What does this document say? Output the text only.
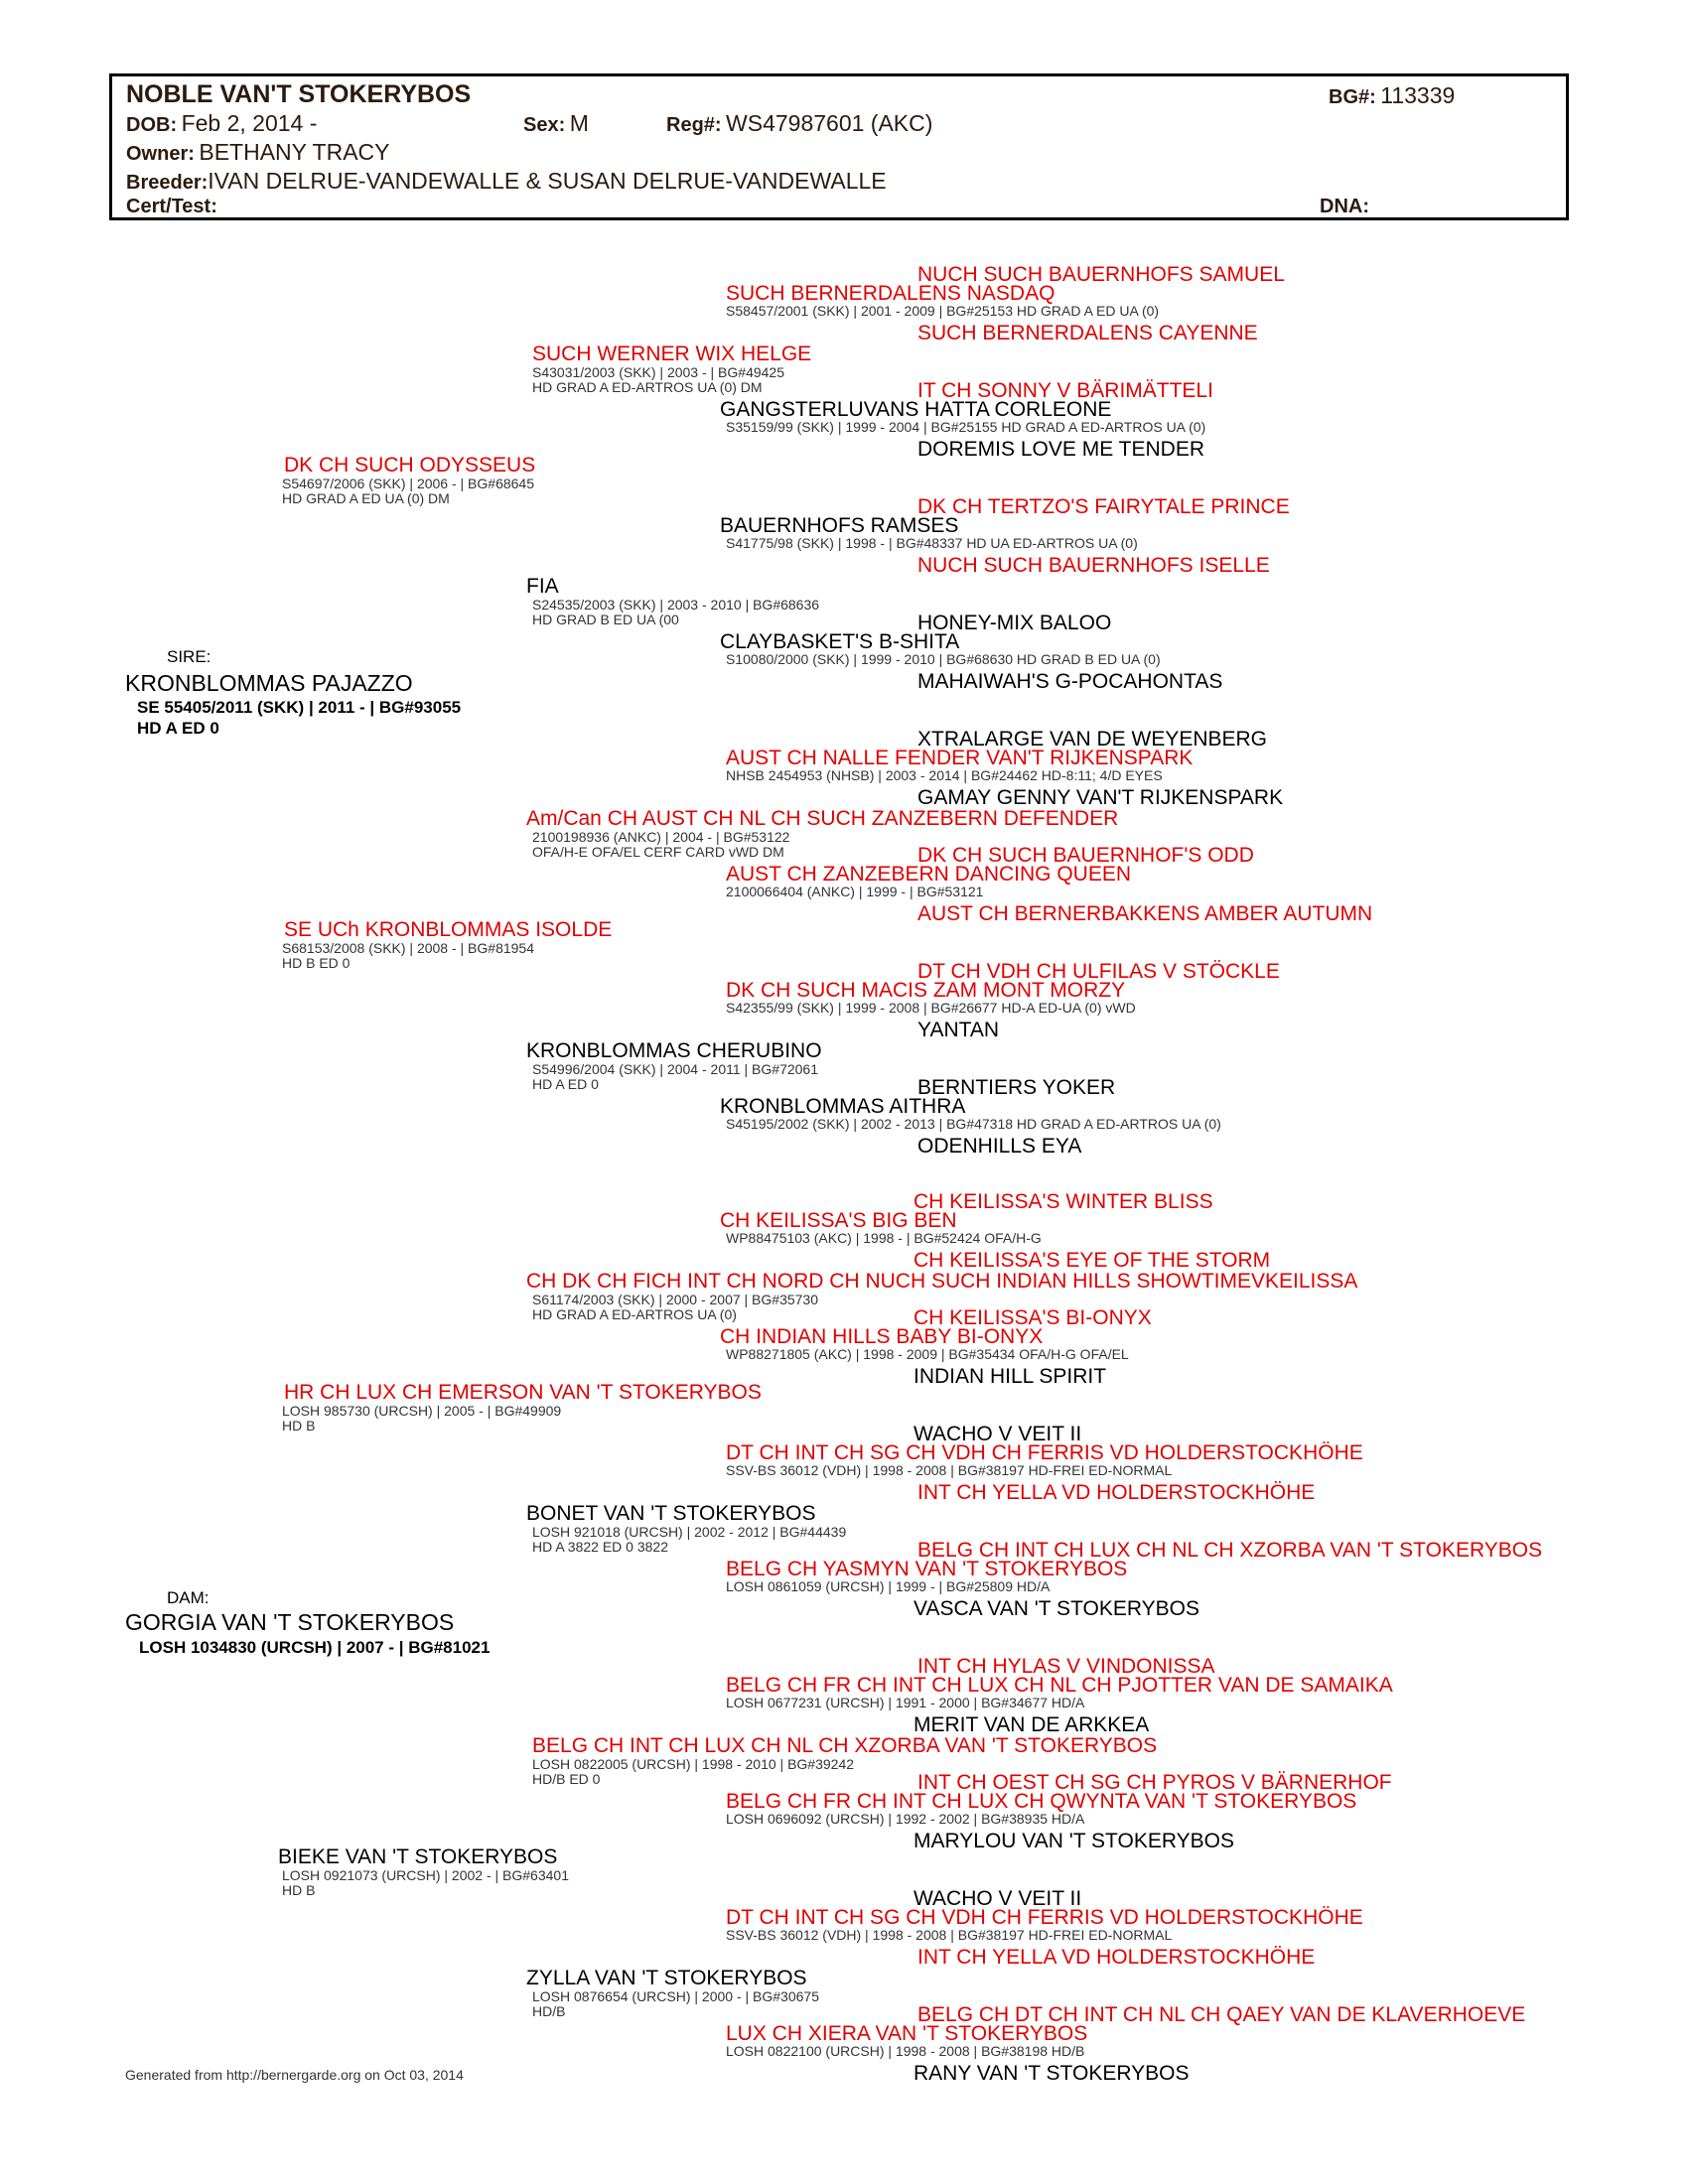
NOBLE VAN'T STOKERYBOS	BG#: 113339
DOB: Feb 2, 2014 -	Sex: M	Reg#: WS47987601 (AKC)
Owner: BETHANY TRACY
Breeder:IVAN DELRUE-VANDEWALLE & SUSAN DELRUE-VANDEWALLE
Cert/Test:	DNA:
NUCH SUCH BAUERNHOFS SAMUEL
SUCH BERNERDALENS CAYENNE
IT CH SONNY V BÄRIMÄTTELI
DOREMIS LOVE ME TENDER
DK CH TERTZO'S FAIRYTALE PRINCE
NUCH SUCH BAUERNHOFS ISELLE
HONEY-MIX BALOO
MAHAIWAH'S G-POCAHONTAS
XTRALARGE VAN DE WEYENBERG
GAMAY GENNY VAN'T RIJKENSPARK
DK CH SUCH BAUERNHOF'S ODD
AUST CH BERNERBAKKENS AMBER AUTUMN
DT CH VDH CH ULFILAS V STÖCKLE
YANTAN
BERNTIERS YOKER
ODENHILLS EYA
CH KEILISSA'S WINTER BLISS
CH KEILISSA'S EYE OF THE STORM
CH KEILISSA'S BI-ONYX
INDIAN HILL SPIRIT
WACHO V VEIT II
INT CH YELLA VD HOLDERSTOCKHÖHE
BELG CH INT CH LUX CH NL CH XZORBA VAN 'T STOKERYBOS
VASCA VAN 'T STOKERYBOS
INT CH HYLAS V VINDONISSA
MERIT VAN DE ARKKEA
INT CH OEST CH SG CH PYROS V BÄRNERHOF
MARYLOU VAN 'T STOKERYBOS
WACHO V VEIT II
INT CH YELLA VD HOLDERSTOCKHÖHE
BELG CH DT CH INT CH NL CH QAEY VAN DE KLAVERHOEVE
RANY VAN 'T STOKERYBOS
SUCH BERNERDALENS NASDAQ
S58457/2001 (SKK) | 2001 - 2009 | BG#25153 HD GRAD A ED UA (0)
GANGSTERLUVANS HATTA CORLEONE
S35159/99 (SKK) | 1999 - 2004 | BG#25155 HD GRAD A ED-ARTROS UA (0)
BAUERNHOFS RAMSES
S41775/98 (SKK) | 1998 - | BG#48337 HD UA ED-ARTROS UA (0)
CLAYBASKET'S B-SHITA
S10080/2000 (SKK) | 1999 - 2010 | BG#68630 HD GRAD B ED UA (0)
AUST CH NALLE FENDER VAN'T RIJKENSPARK
NHSB 2454953 (NHSB) | 2003 - 2014 | BG#24462 HD-8:11; 4/D EYES
AUST CH ZANZEBERN DANCING QUEEN
2100066404 (ANKC) | 1999 - | BG#53121
DK CH SUCH MACIS ZAM MONT MORZY
S42355/99 (SKK) | 1999 - 2008 | BG#26677 HD-A ED-UA (0) vWD
KRONBLOMMAS AITHRA
S45195/2002 (SKK) | 2002 - 2013 | BG#47318 HD GRAD A ED-ARTROS UA (0)
CH KEILISSA'S BIG BEN
WP88475103 (AKC) | 1998 - | BG#52424 OFA/H-G
CH INDIAN HILLS BABY BI-ONYX
WP88271805 (AKC) | 1998 - 2009 | BG#35434 OFA/H-G OFA/EL
DT CH INT CH SG CH VDH CH FERRIS VD HOLDERSTOCKHÖHE
SSV-BS 36012 (VDH) | 1998 - 2008 | BG#38197 HD-FREI ED-NORMAL
BELG CH YASMYN VAN 'T STOKERYBOS
LOSH 0861059 (URCSH) | 1999 - | BG#25809 HD/A
BELG CH FR CH INT CH LUX CH NL CH PJOTTER VAN DE SAMAIKA
LOSH 0677231 (URCSH) | 1991 - 2000 | BG#34677 HD/A
BELG CH FR CH INT CH LUX CH QWYNTA VAN 'T STOKERYBOS
LOSH 0696092 (URCSH) | 1992 - 2002 | BG#38935 HD/A
DT CH INT CH SG CH VDH CH FERRIS VD HOLDERSTOCKHÖHE
SSV-BS 36012 (VDH) | 1998 - 2008 | BG#38197 HD-FREI ED-NORMAL
LUX CH XIERA VAN 'T STOKERYBOS
LOSH 0822100 (URCSH) | 1998 - 2008 | BG#38198 HD/B
SUCH WERNER WIX HELGE
S43031/2003 (SKK) | 2003 - | BG#49425
HD GRAD A ED-ARTROS UA (0) DM
FIA
S24535/2003 (SKK) | 2003 - 2010 | BG#68636
HD GRAD B ED UA (00
Am/Can CH AUST CH NL CH SUCH ZANZEBERN DEFENDER
2100198936 (ANKC) | 2004 - | BG#53122
OFA/H-E OFA/EL CERF CARD vWD DM
KRONBLOMMAS CHERUBINO
S54996/2004 (SKK) | 2004 - 2011 | BG#72061
HD A ED 0
CH DK CH FICH INT CH NORD CH NUCH SUCH INDIAN HILLS SHOWTIMEVKEILISSA
S61174/2003 (SKK) | 2000 - 2007 | BG#35730
HD GRAD A ED-ARTROS UA (0)
BONET VAN 'T STOKERYBOS
LOSH 921018 (URCSH) | 2002 - 2012 | BG#44439
HD A 3822 ED 0 3822
BELG CH INT CH LUX CH NL CH XZORBA VAN 'T STOKERYBOS
LOSH 0822005 (URCSH) | 1998 - 2010 | BG#39242
HD/B ED 0
ZYLLA VAN 'T STOKERYBOS
LOSH 0876654 (URCSH) | 2000 - | BG#30675
HD/B
DK CH SUCH ODYSSEUS
S54697/2006 (SKK) | 2006 - | BG#68645
HD GRAD A ED UA (0) DM
SE UCh KRONBLOMMAS ISOLDE
S68153/2008 (SKK) | 2008 - | BG#81954
HD B ED 0
HR CH LUX CH EMERSON VAN 'T STOKERYBOS
LOSH 985730 (URCSH) | 2005 - | BG#49909
HD B
BIEKE VAN 'T STOKERYBOS
LOSH 0921073 (URCSH) | 2002 - | BG#63401
HD B
SIRE:
KRONBLOMMAS PAJAZZO
SE 55405/2011 (SKK) | 2011 - | BG#93055
HD A ED 0
DAM:
GORGIA VAN 'T STOKERYBOS
LOSH 1034830 (URCSH) | 2007 - | BG#81021
Generated from http://bernergarde.org on Oct 03, 2014
